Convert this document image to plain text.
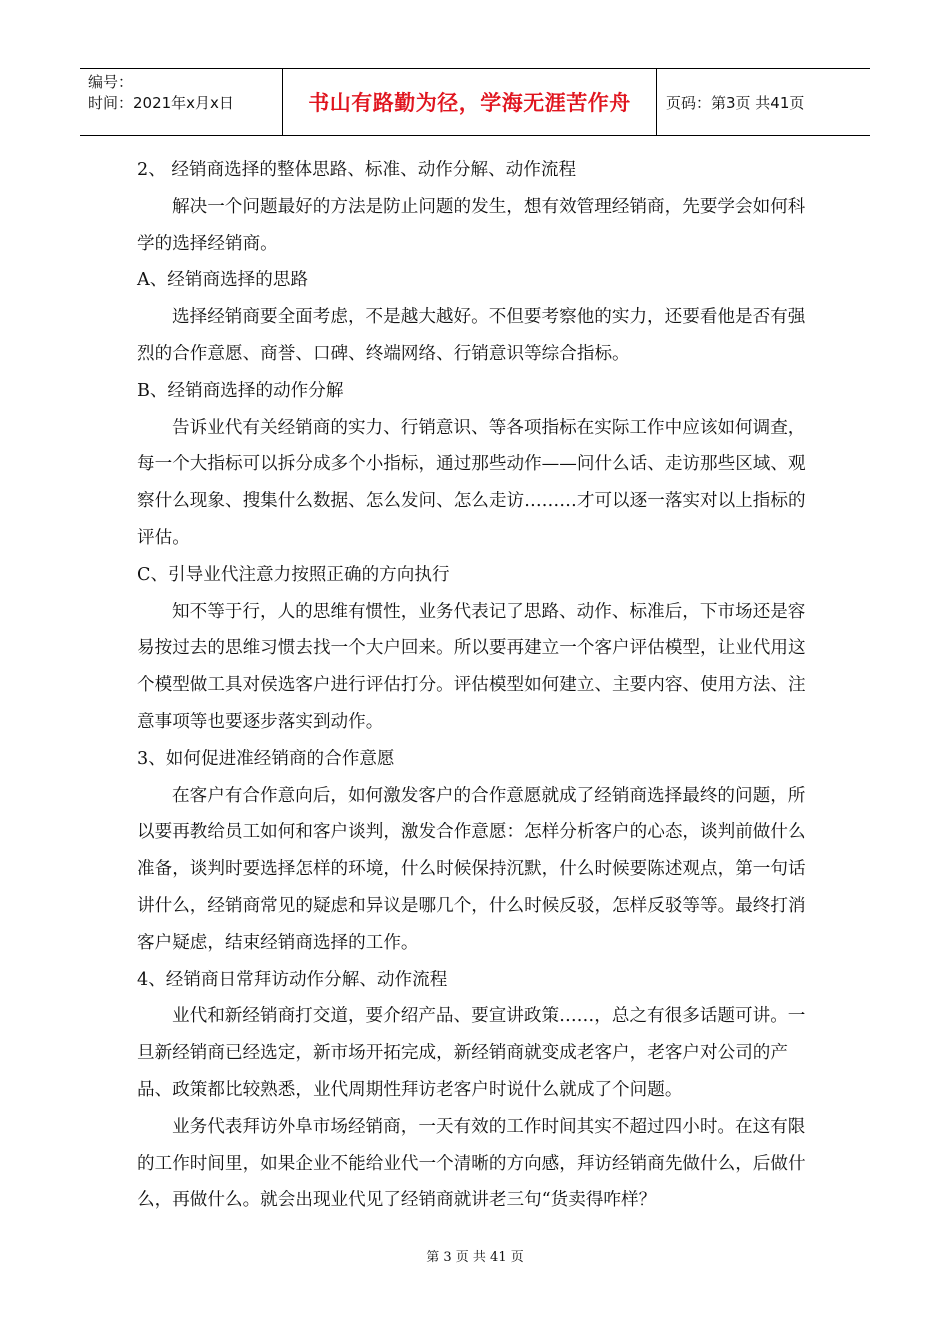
编号：
时间：2021年x月x日	书山有路勤为径，学海无涯苦作舟	页码：第3页 共41页

2、 经销商选择的整体思路、标准、动作分解、动作流程

解决一个问题最好的方法是防止问题的发生，想有效管理经销商，先要学会如何科学的选择经销商。

A、经销商选择的思路

选择经销商要全面考虑，不是越大越好。不但要考察他的实力，还要看他是否有强烈的合作意愿、商誉、口碑、终端网络、行销意识等综合指标。

B、经销商选择的动作分解

告诉业代有关经销商的实力、行销意识、等各项指标在实际工作中应该如何调查，每一个大指标可以拆分成多个小指标，通过那些动作——问什么话、走访那些区域、观察什么现象、搜集什么数据、怎么发问、怎么走访………才可以逐一落实对以上指标的评估。

C、引导业代注意力按照正确的方向执行

知不等于行，人的思维有惯性，业务代表记了思路、动作、标准后，下市场还是容易按过去的思维习惯去找一个大户回来。所以要再建立一个客户评估模型，让业代用这个模型做工具对侯选客户进行评估打分。评估模型如何建立、主要内容、使用方法、注意事项等也要逐步落实到动作。

3、如何促进准经销商的合作意愿

在客户有合作意向后，如何激发客户的合作意愿就成了经销商选择最终的问题，所以要再教给员工如何和客户谈判，激发合作意愿：怎样分析客户的心态，谈判前做什么准备，谈判时要选择怎样的环境，什么时候保持沉默，什么时候要陈述观点，第一句话讲什么，经销商常见的疑虑和异议是哪几个，什么时候反驳，怎样反驳等等。最终打消客户疑虑，结束经销商选择的工作。

4、经销商日常拜访动作分解、动作流程

业代和新经销商打交道，要介绍产品、要宣讲政策……，总之有很多话题可讲。一旦新经销商已经选定，新市场开拓完成，新经销商就变成老客户，老客户对公司的产品、政策都比较熟悉，业代周期性拜访老客户时说什么就成了个问题。

业务代表拜访外阜市场经销商，一天有效的工作时间其实不超过四小时。在这有限的工作时间里，如果企业不能给业代一个清晰的方向感，拜访经销商先做什么，后做什么，再做什么。就会出现业代见了经销商就讲老三句“货卖得咋样？

第 3 页 共 41 页
